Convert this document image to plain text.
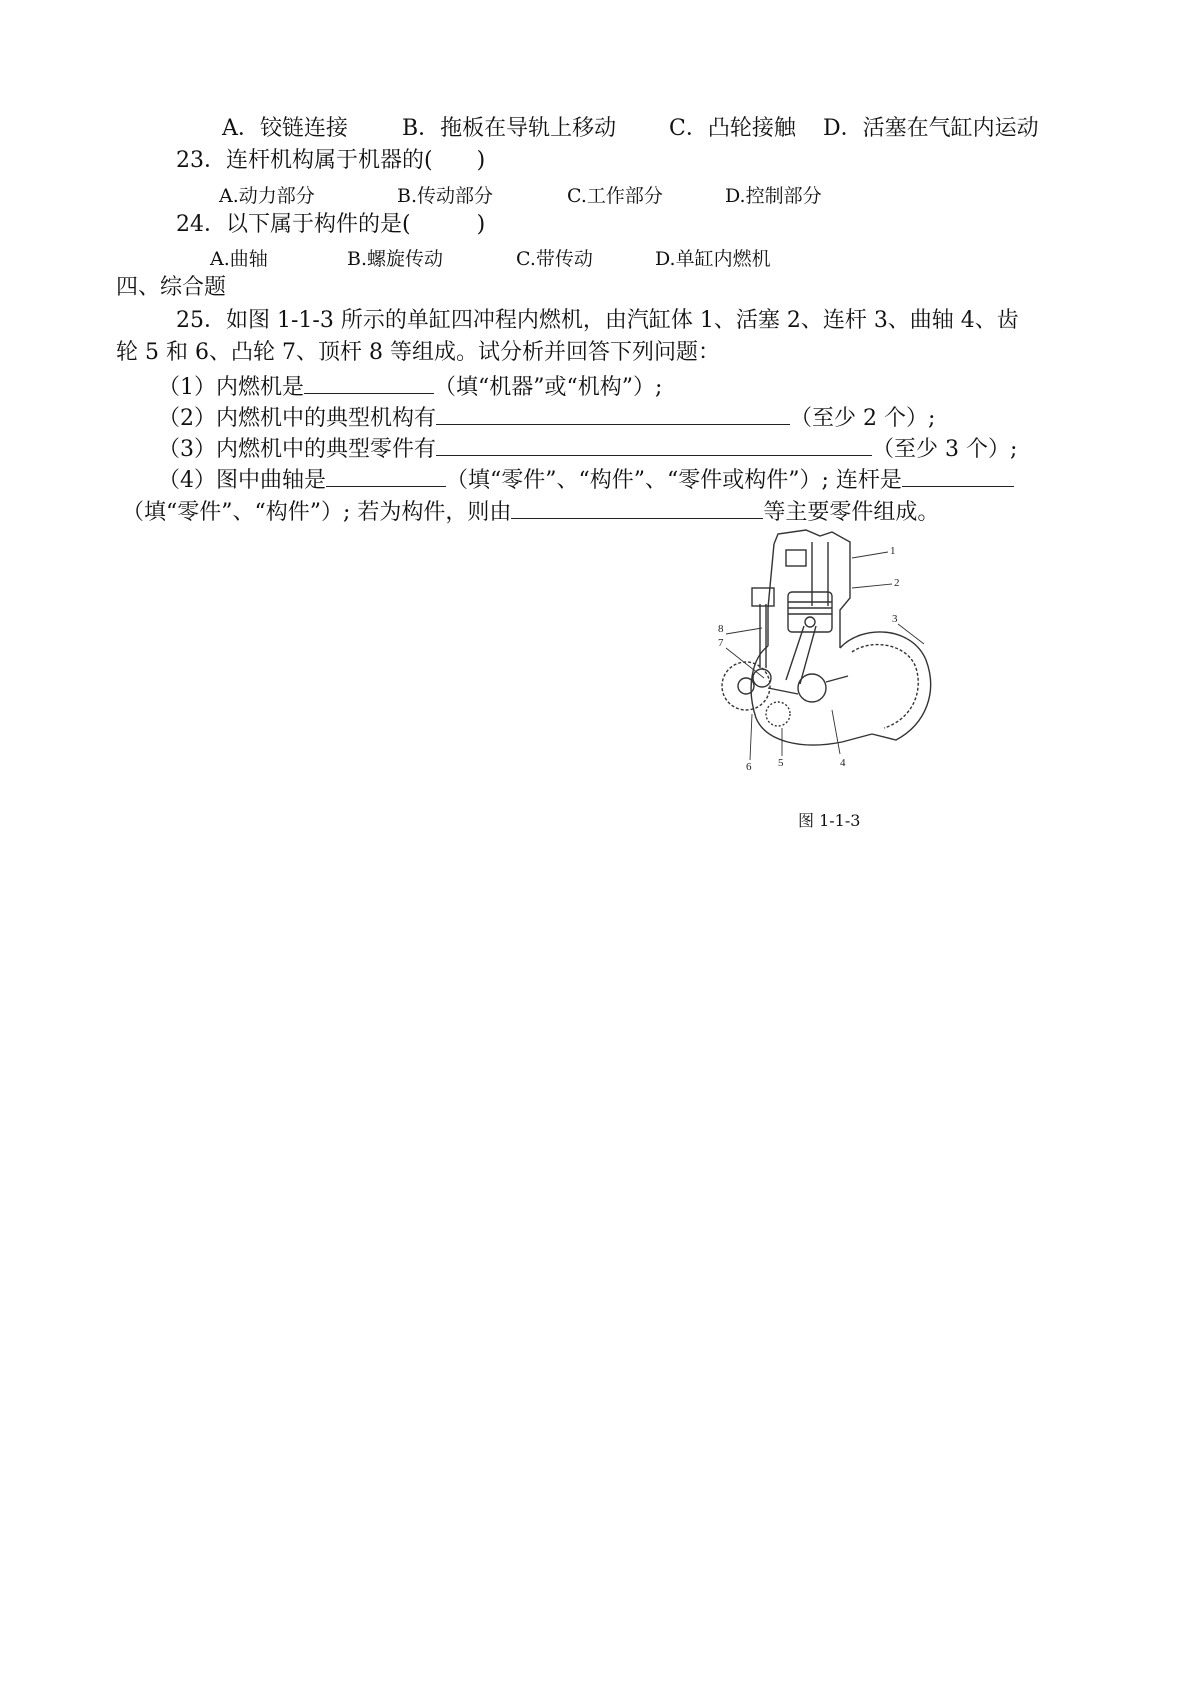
A．铰链连接 B．拖板在导轨上移动 C．凸轮接触 D．活塞在气缸内运动
23．连杆机构属于机器的(　　)
A.动力部分	B.传动部分	C.工作部分	D.控制部分
24．以下属于构件的是(　　　)
A.曲轴	B.螺旋传动	C.带传动	D.单缸内燃机
四、综合题
25．如图 1-1-3 所示的单缸四冲程内燃机，由汽缸体 1、活塞 2、连杆 3、曲轴 4、齿
轮 5 和 6、凸轮 7、顶杆 8 等组成。试分析并回答下列问题：
（1）内燃机是	（填“机器”或“机构”）;
（2）内燃机中的典型机构有	（至少 2 个）;
（3）内燃机中的典型零件有	（至少 3 个）;
（4）图中曲轴是	（填“零件”、“构件”、“零件或构件”）; 连杆是
（填“零件”、“构件”）; 若为构件，则由	等主要零件组成。
1
2
3
4
5
6
7
8
图 1-1-3
